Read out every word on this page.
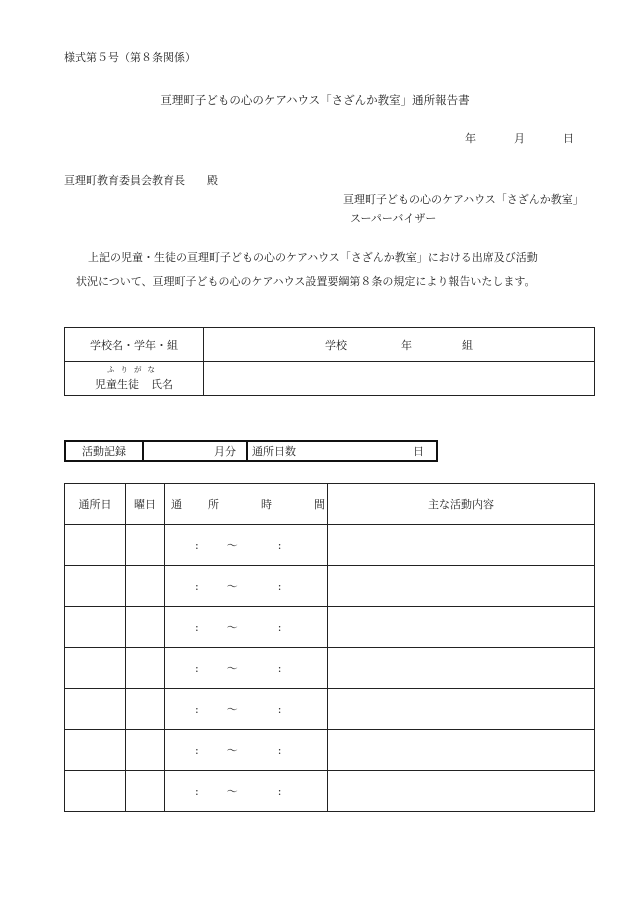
様式第５号（第８条関係）
亘理町子どもの心のケアハウス「さざんか教室」通所報告書
年	月	日
亘理町教育委員会教育長 殿
亘理町子どもの心のケアハウス「さざんか教室」
スーパーバイザー

上記の児童・生徒の亘理町子どもの心のケアハウス「さざんか教室」における出席及び活動

状況について、亘理町子どもの心のケアハウス設置要綱第８条の規定により報告いたします。

学校名・学年・組	学校 年 組

ふりがな
児童生徒 氏名	
活動記録	月分	通所日数	日
通所日	曜日	通 所 時 間	主な活動内容
		: ～ :	
		: ～ :	
		: ～ :	
		: ～ :	
		: ～ :	
		: ～ :	
		: ～ :	
